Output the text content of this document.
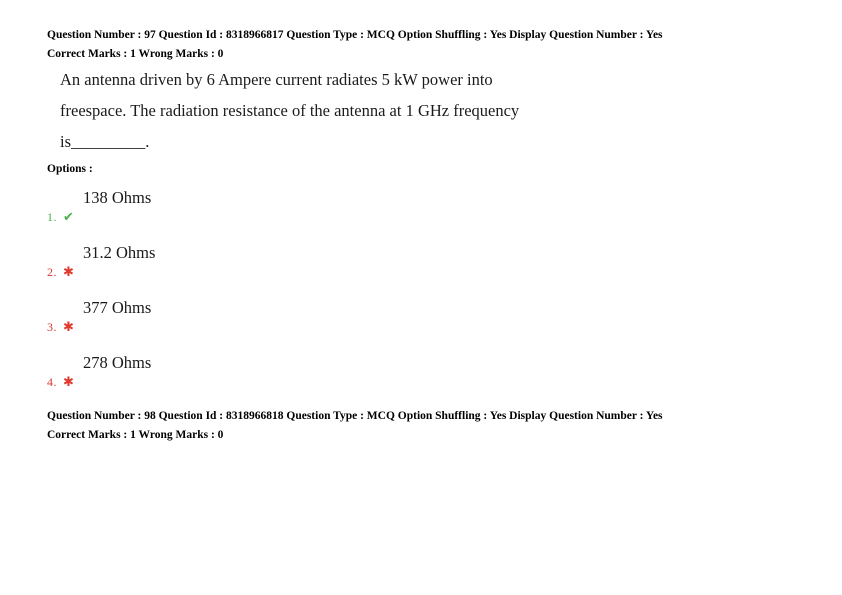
Question Number : 97 Question Id : 8318966817 Question Type : MCQ Option Shuffling : Yes Display Question Number : Yes
Correct Marks : 1 Wrong Marks : 0
An antenna driven by 6 Ampere current radiates 5 kW power into
freespace. The radiation resistance of the antenna at 1 GHz frequency
is_________.
Options :
138 Ohms
1. ✔
31.2 Ohms
2. ✱
377 Ohms
3. ✱
278 Ohms
4. ✱
Question Number : 98 Question Id : 8318966818 Question Type : MCQ Option Shuffling : Yes Display Question Number : Yes
Correct Marks : 1 Wrong Marks : 0
